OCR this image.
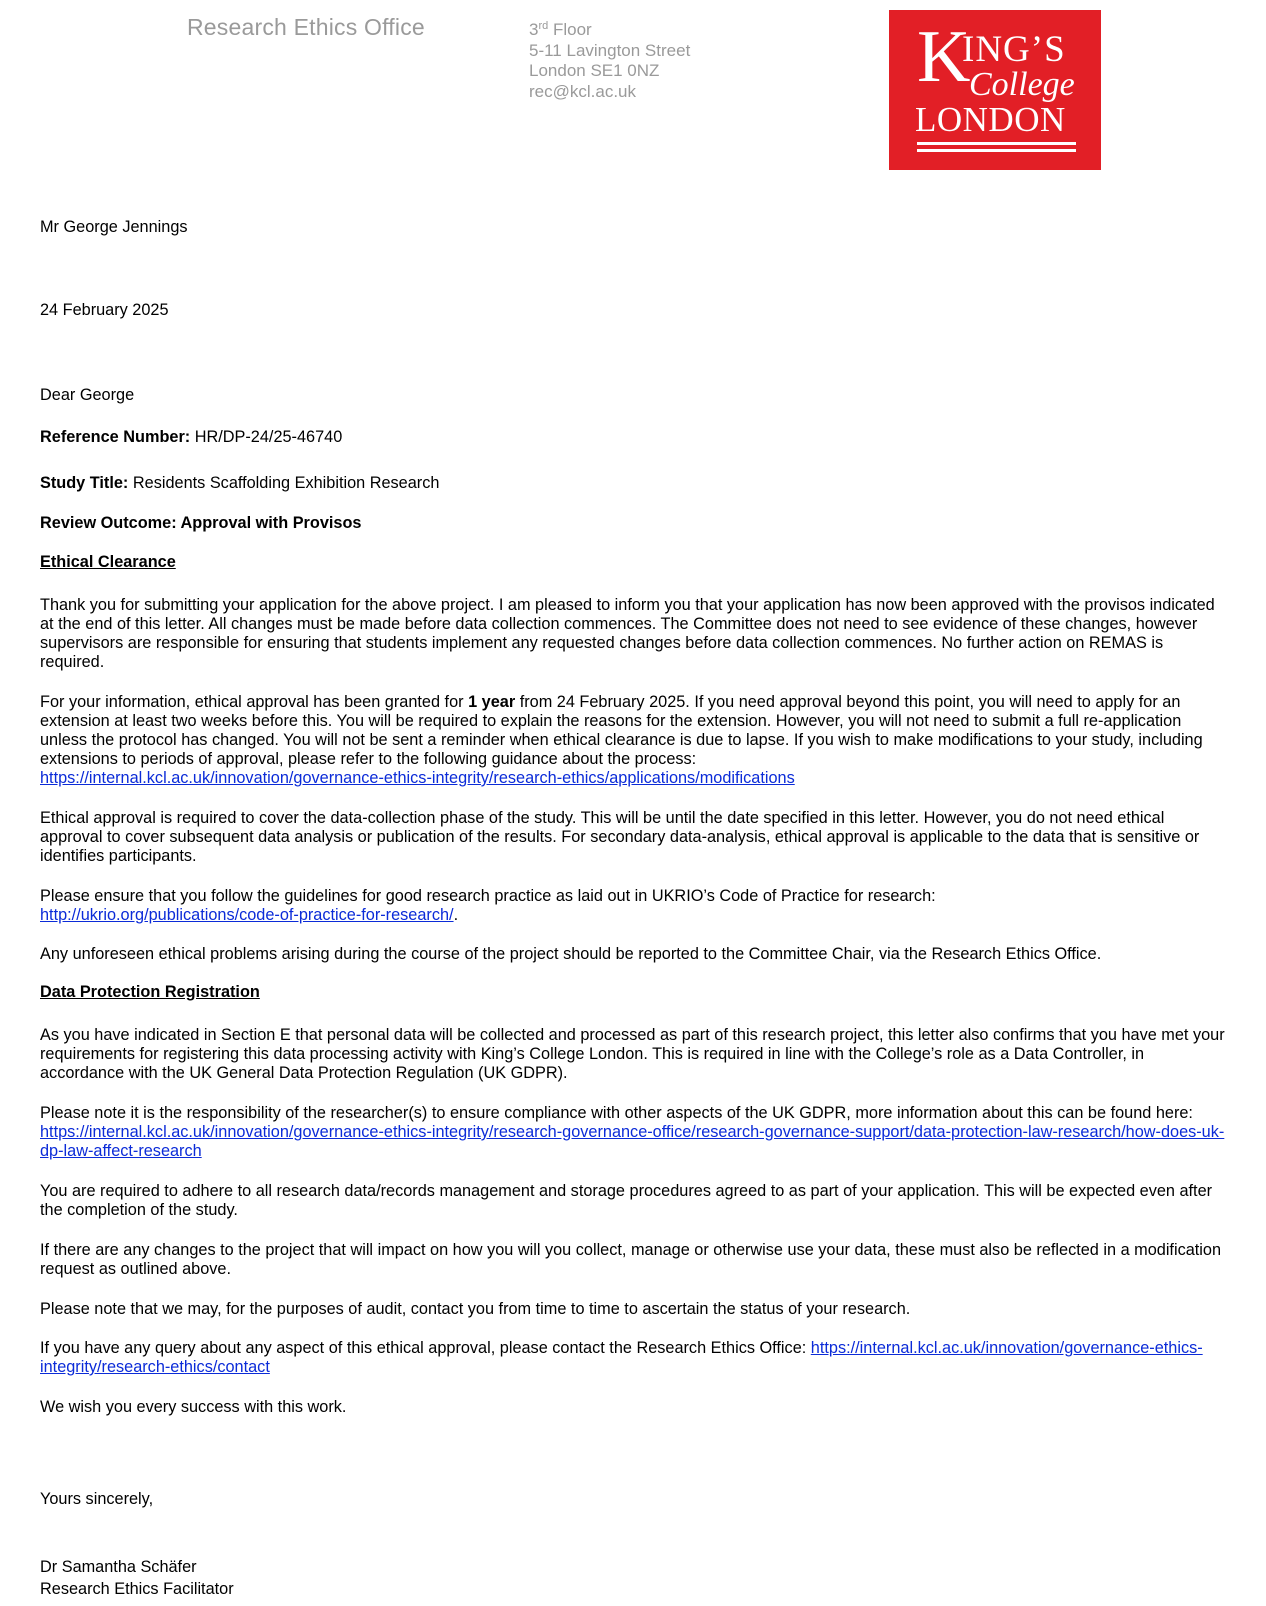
Research Ethics Office	3rd Floor
5-11 Lavington Street
London SE1 0NZ
rec@kcl.ac.uk	K
ING’S
College
LONDON

Mr George Jennings

24 February 2025

Dear George

Reference Number: HR/DP-24/25-46740

Study Title: Residents Scaffolding Exhibition Research

Review Outcome: Approval with Provisos

Ethical Clearance

Thank you for submitting your application for the above project. I am pleased to inform you that your application has now been approved with the provisos indicated at the end of this letter. All changes must be made before data collection commences. The Committee does not need to see evidence of these changes, however supervisors are responsible for ensuring that students implement any requested changes before data collection commences. No further action on REMAS is required.

For your information, ethical approval has been granted for 1 year from 24 February 2025. If you need approval beyond this point, you will need to apply for an extension at least two weeks before this. You will be required to explain the reasons for the extension. However, you will not need to submit a full re-application unless the protocol has changed. You will not be sent a reminder when ethical clearance is due to lapse. If you wish to make modifications to your study, including extensions to periods of approval, please refer to the following guidance about the process:
https://internal.kcl.ac.uk/innovation/governance-ethics-integrity/research-ethics/applications/modifications

Ethical approval is required to cover the data-collection phase of the study. This will be until the date specified in this letter. However, you do not need ethical approval to cover subsequent data analysis or publication of the results. For secondary data-analysis, ethical approval is applicable to the data that is sensitive or identifies participants.

Please ensure that you follow the guidelines for good research practice as laid out in UKRIO’s Code of Practice for research:
http://ukrio.org/publications/code-of-practice-for-research/.

Any unforeseen ethical problems arising during the course of the project should be reported to the Committee Chair, via the Research Ethics Office.

Data Protection Registration

As you have indicated in Section E that personal data will be collected and processed as part of this research project, this letter also confirms that you have met your requirements for registering this data processing activity with King’s College London. This is required in line with the College’s role as a Data Controller, in accordance with the UK General Data Protection Regulation (UK GDPR).

Please note it is the responsibility of the researcher(s) to ensure compliance with other aspects of the UK GDPR, more information about this can be found here: https://internal.kcl.ac.uk/innovation/governance-ethics-integrity/research-governance-office/research-governance-support/data-protection-law-research/how-does-uk-dp-law-affect-research

You are required to adhere to all research data/records management and storage procedures agreed to as part of your application. This will be expected even after the completion of the study.

If there are any changes to the project that will impact on how you will you collect, manage or otherwise use your data, these must also be reflected in a modification request as outlined above.

Please note that we may, for the purposes of audit, contact you from time to time to ascertain the status of your research.

If you have any query about any aspect of this ethical approval, please contact the Research Ethics Office: https://internal.kcl.ac.uk/innovation/governance-ethics-integrity/research-ethics/contact

We wish you every success with this work.

Yours sincerely,

Dr Samantha Schäfer
Research Ethics Facilitator
